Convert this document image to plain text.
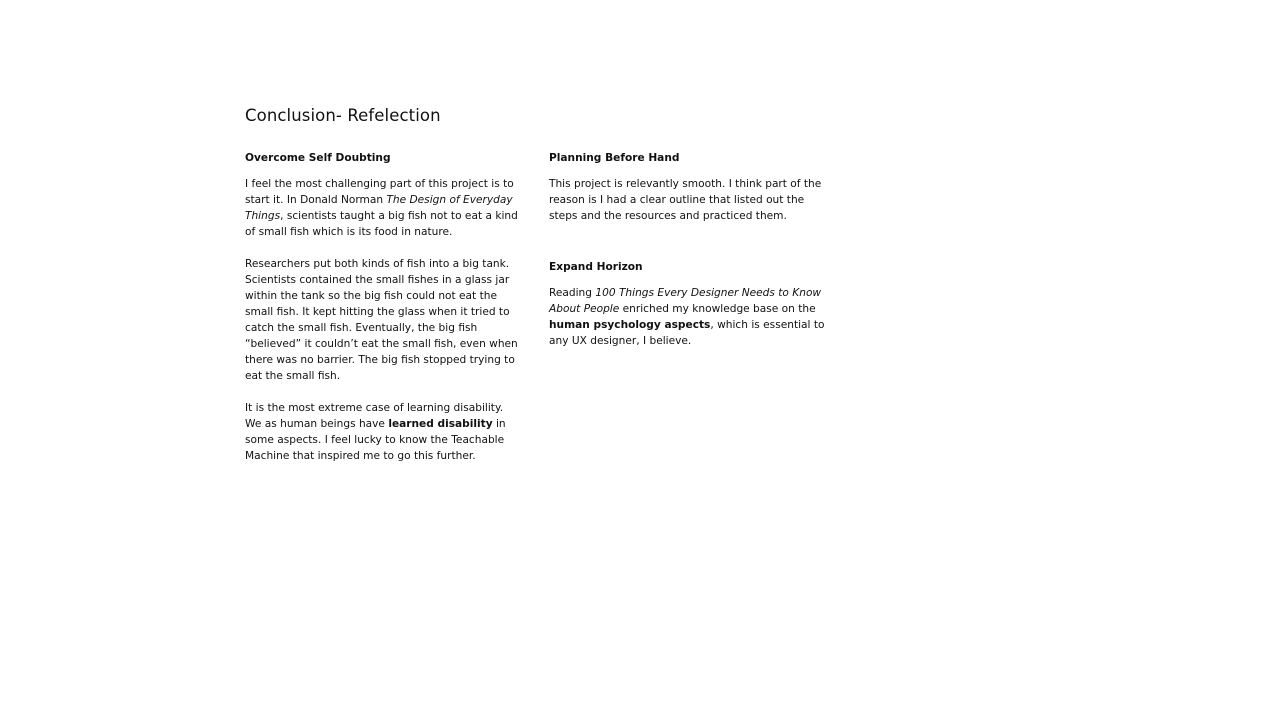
Conclusion- Refelection
Overcome Self Doubting
I feel the most challenging part of this project is to
start it. In Donald Norman The Design of Everyday
Things, scientists taught a big fish not to eat a kind
of small fish which is its food in nature.
Researchers put both kinds of fish into a big tank.
Scientists contained the small fishes in a glass jar
within the tank so the big fish could not eat the
small fish. It kept hitting the glass when it tried to
catch the small fish. Eventually, the big fish
“believed” it couldn’t eat the small fish, even when
there was no barrier. The big fish stopped trying to
eat the small fish.
It is the most extreme case of learning disability.
We as human beings have learned disability in
some aspects. I feel lucky to know the Teachable
Machine that inspired me to go this further.
Planning Before Hand
This project is relevantly smooth. I think part of the
reason is I had a clear outline that listed out the
steps and the resources and practiced them.
Expand Horizon
Reading 100 Things Every Designer Needs to Know
About People enriched my knowledge base on the
human psychology aspects, which is essential to
any UX designer, I believe.
